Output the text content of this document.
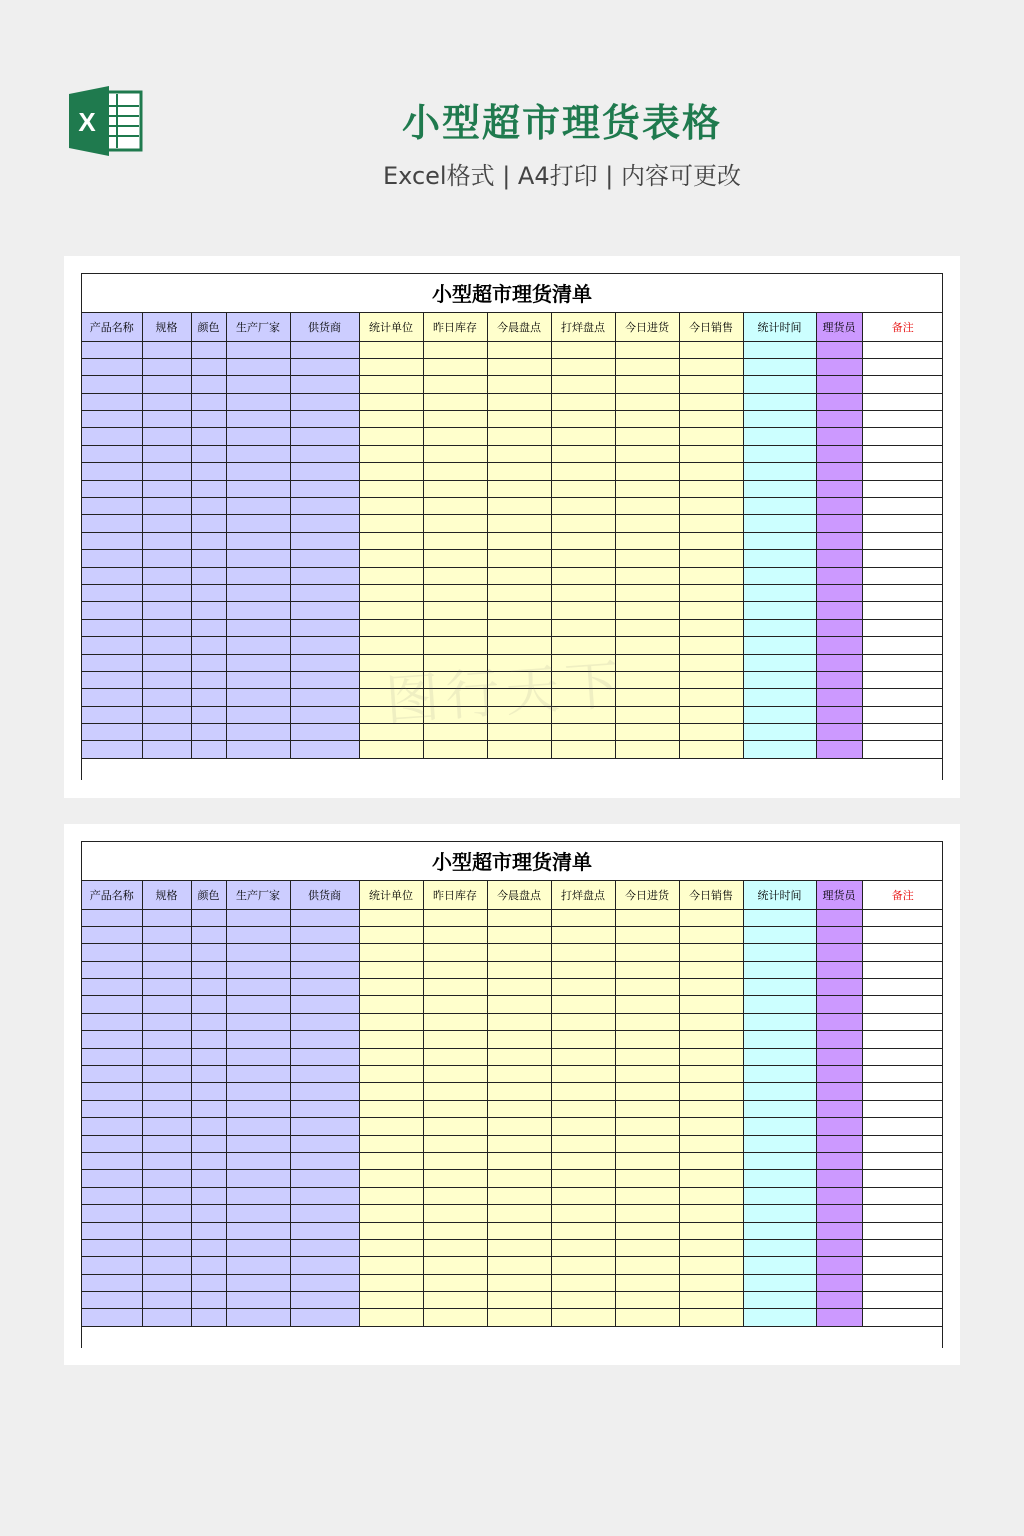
X	小型超市理货表格
Excel格式 | A4打印 | 内容可更改
小型超市理货清单
产品名称	规格	颜色	生产厂家	供货商	统计单位	昨日库存	今晨盘点	打烊盘点	今日进货	今日销售	统计时间	理货员	备注

小型超市理货清单
产品名称	规格	颜色	生产厂家	供货商	统计单位	昨日库存	今晨盘点	打烊盘点	今日进货	今日销售	统计时间	理货员	备注
